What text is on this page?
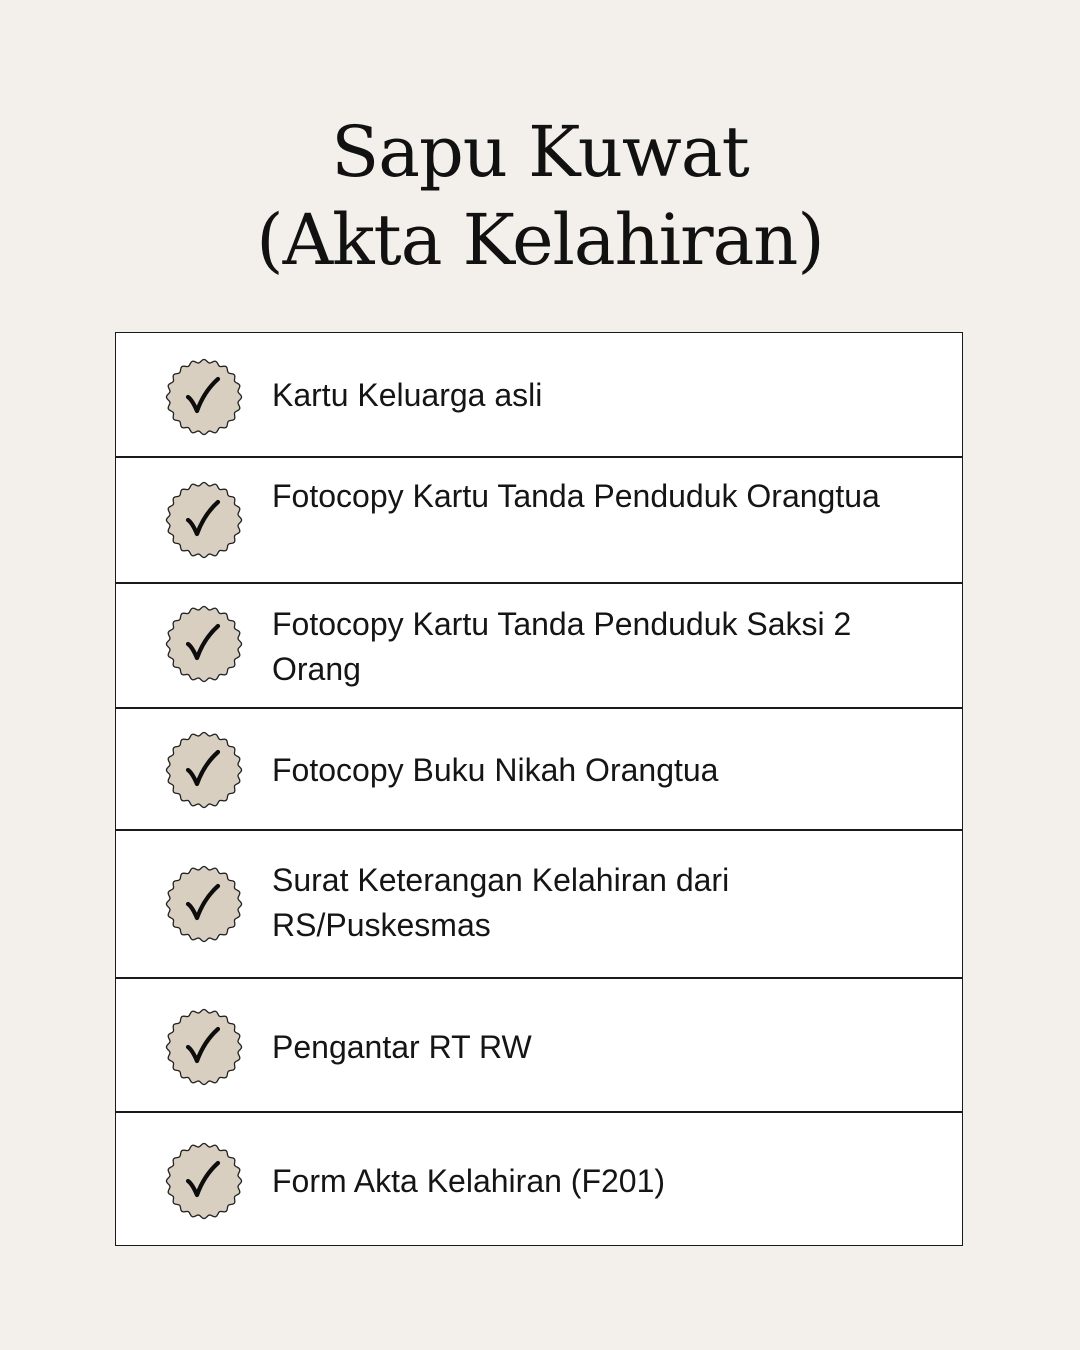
Sapu Kuwat
(Akta Kelahiran)
Kartu Keluarga asli
Fotocopy Kartu Tanda Penduduk Orangtua
Fotocopy Kartu Tanda Penduduk Saksi 2 Orang
Fotocopy Buku Nikah Orangtua
Surat Keterangan Kelahiran dari RS/Puskesmas
Pengantar RT RW
Form Akta Kelahiran (F201)
